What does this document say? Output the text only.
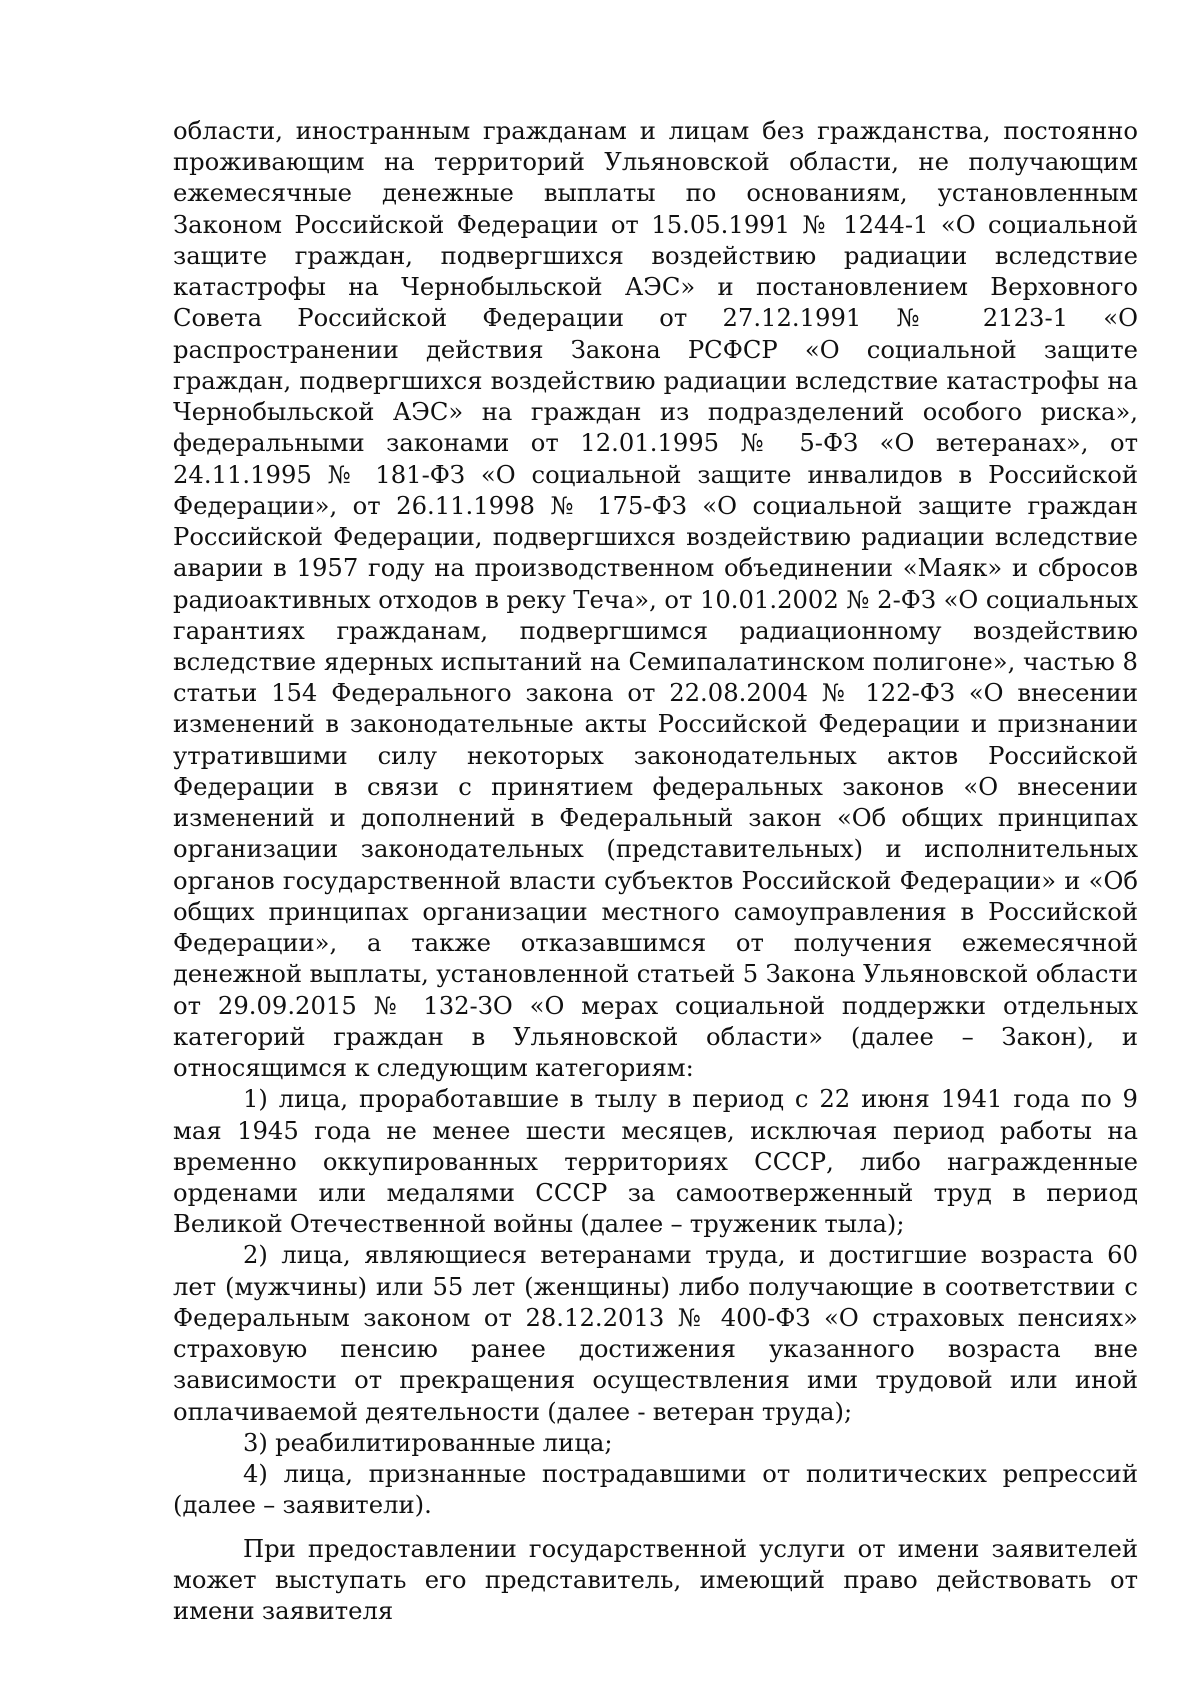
области, иностранным гражданам и лицам без гражданства, постоянно проживающим на территорий Ульяновской области, не получающим ежемесячные денежные выплаты по основаниям, установленным Законом Российской Федерации от 15.05.1991 № 1244-1 «О социальной защите граждан, подвергшихся воздействию радиации вследствие катастрофы на Чернобыльской АЭС» и постановлением Верховного Совета Российской Федерации от 27.12.1991 № 2123-1 «О распространении действия Закона РСФСР «О социальной защите граждан, подвергшихся воздействию радиации вследствие катастрофы на Чернобыльской АЭС» на граждан из подразделений особого риска», федеральными законами от 12.01.1995 № 5-ФЗ «О ветеранах», от 24.11.1995 № 181-ФЗ «О социальной защите инвалидов в Российской Федерации», от 26.11.1998 № 175-ФЗ «О социальной защите граждан Российской Федерации, подвергшихся воздействию радиации вследствие аварии в 1957 году на производственном объединении «Маяк» и сбросов радиоактивных отходов в реку Теча», от 10.01.2002 № 2-ФЗ «О социальных гарантиях гражданам, подвергшимся радиационному воздействию вследствие ядерных испытаний на Семипалатинском полигоне», частью 8 статьи 154 Федерального закона от 22.08.2004 № 122-ФЗ «О внесении изменений в законодательные акты Российской Федерации и признании утратившими силу некоторых законодательных актов Российской Федерации в связи с принятием федеральных законов «О внесении изменений и дополнений в Федеральный закон «Об общих принципах организации законодательных (представительных) и исполнительных органов государственной власти субъектов Российской Федерации» и «Об общих принципах организации местного самоуправления в Российской Федерации», а также отказавшимся от получения ежемесячной денежной выплаты, установленной статьей 5 Закона Ульяновской области от 29.09.2015 № 132-ЗО «О мерах социальной поддержки отдельных категорий граждан в Ульяновской области» (далее – Закон), и относящимся к следующим категориям:

1) лица, проработавшие в тылу в период с 22 июня 1941 года по 9 мая 1945 года не менее шести месяцев, исключая период работы на временно оккупированных территориях СССР, либо награжденные орденами или медалями СССР за самоотверженный труд в период Великой Отечественной войны (далее – труженик тыла);

2) лица, являющиеся ветеранами труда, и достигшие возраста 60 лет (мужчины) или 55 лет (женщины) либо получающие в соответствии с Федеральным законом от 28.12.2013 № 400-ФЗ «О страховых пенсиях» страховую пенсию ранее достижения указанного возраста вне зависимости от прекращения осуществления ими трудовой или иной оплачиваемой деятельности (далее - ветеран труда);

3) реабилитированные лица;

4) лица, признанные пострадавшими от политических репрессий (далее – заявители).

При предоставлении государственной услуги от имени заявителей может выступать его представитель, имеющий право действовать от имени заявителя
